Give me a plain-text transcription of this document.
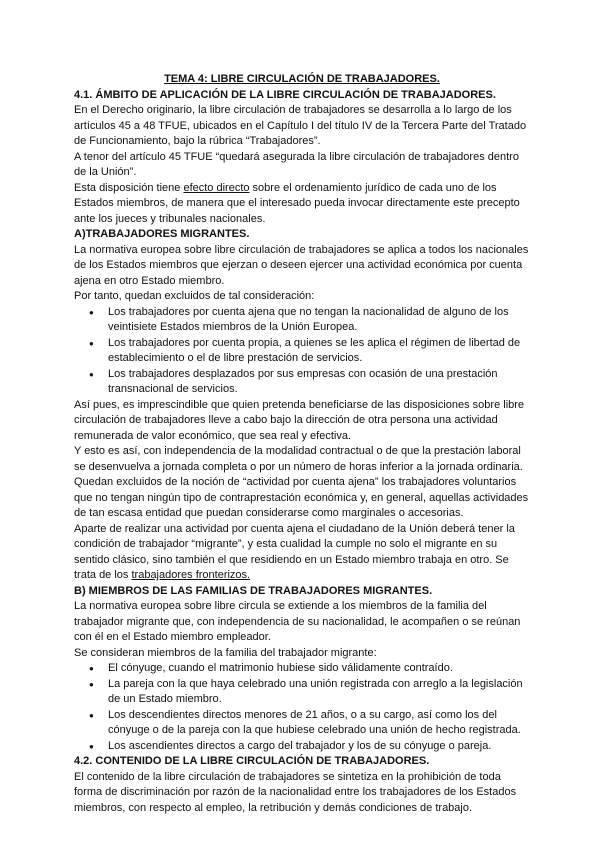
TEMA 4: LIBRE CIRCULACIÓN DE TRABAJADORES.

4.1. ÁMBITO DE APLICACIÓN DE LA LIBRE CIRCULACIÓN DE TRABAJADORES.

En el Derecho originario, la libre circulación de trabajadores se desarrolla a lo largo de los artículos 45 a 48 TFUE, ubicados en el Capítulo I del título IV de la Tercera Parte del Tratado de Funcionamiento, bajo la rúbrica “Trabajadores”.

A tenor del artículo 45 TFUE “quedará asegurada la libre circulación de trabajadores dentro de la Unión”.

Esta disposición tiene efecto directo sobre el ordenamiento jurídico de cada uno de los Estados miembros, de manera que el interesado pueda invocar directamente este precepto ante los jueces y tribunales nacionales.

A)TRABAJADORES MIGRANTES.

La normativa europea sobre libre circulación de trabajadores se aplica a todos los nacionales de los Estados miembros que ejerzan o deseen ejercer una actividad económica por cuenta ajena en otro Estado miembro.

Por tanto, quedan excluidos de tal consideración:

● Los trabajadores por cuenta ajena que no tengan la nacionalidad de alguno de los veintisiete Estados miembros de la Unión Europea.
● Los trabajadores por cuenta propia, a quienes se les aplica el régimen de libertad de establecimiento o el de libre prestación de servicios.
● Los trabajadores desplazados por sus empresas con ocasión de una prestación transnacional de servicios.

Así pues, es imprescindible que quien pretenda beneficiarse de las disposiciones sobre libre circulación de trabajadores lleve a cabo bajo la dirección de otra persona una actividad remunerada de valor económico, que sea real y efectiva.

Y esto es así, con independencia de la modalidad contractual o de que la prestación laboral se desenvuelva a jornada completa o por un número de horas inferior a la jornada ordinaria.

Quedan excluidos de la noción de “actividad por cuenta ajena” los trabajadores voluntarios que no tengan ningún tipo de contraprestación económica y, en general, aquellas actividades de tan escasa entidad que puedan considerarse como marginales o accesorias.

Aparte de realizar una actividad por cuenta ajena el ciudadano de la Unión deberá tener la condición de trabajador “migrante”, y esta cualidad la cumple no solo el migrante en su sentido clásico, sino también el que residiendo en un Estado miembro trabaja en otro. Se trata de los trabajadores fronterizos.

B) MIEMBROS DE LAS FAMILIAS DE TRABAJADORES MIGRANTES.

La normativa europea sobre libre circula se extiende a los miembros de la familia del trabajador migrante que, con independencia de su nacionalidad, le acompañen o se reúnan con él en el Estado miembro empleador.

Se consideran miembros de la familia del trabajador migrante:

● El cónyuge, cuando el matrimonio hubiese sido válidamente contraído.
● La pareja con la que haya celebrado una unión registrada con arreglo a la legislación de un Estado miembro.
● Los descendientes directos menores de 21 años, o a su cargo, así como los del cónyuge o de la pareja con la que hubiese celebrado una unión de hecho registrada.
● Los ascendientes directos a cargo del trabajador y los de su cónyuge o pareja.

4.2. CONTENIDO DE LA LIBRE CIRCULACIÓN DE TRABAJADORES.

El contenido de la libre circulación de trabajadores se sintetiza en la prohibición de toda forma de discriminación por razón de la nacionalidad entre los trabajadores de los Estados miembros, con respecto al empleo, la retribución y demás condiciones de trabajo.
